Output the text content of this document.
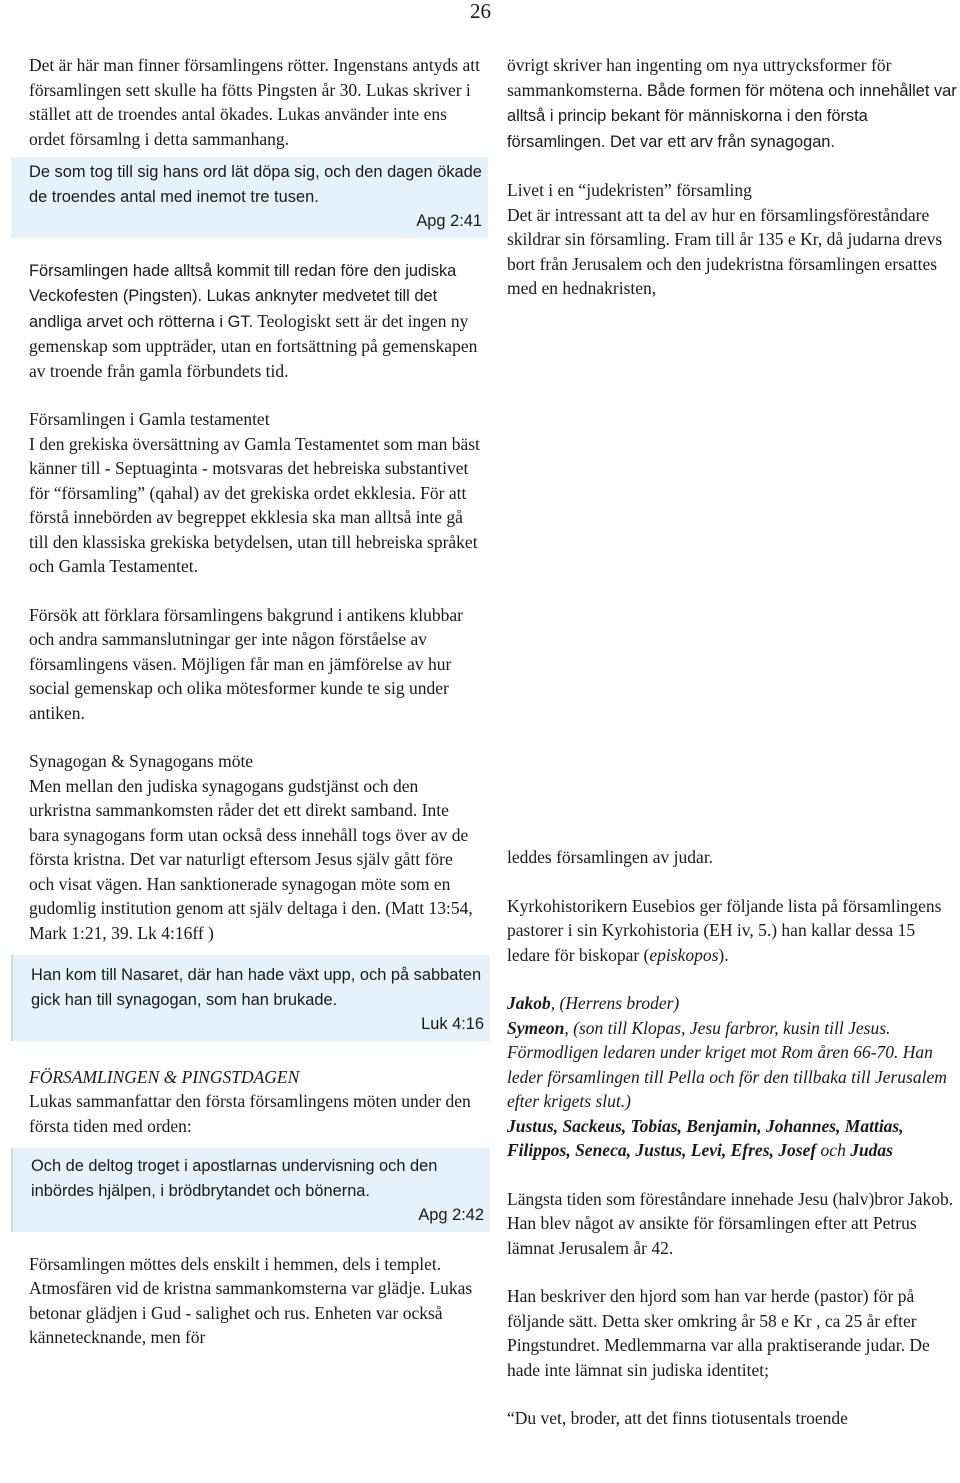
26

Det är här man finner församlingens rötter. Ingenstans antyds att församlingen sett skulle ha fötts Pingsten år 30. Lukas skriver i stället att de troendes antal ökades. Lukas använder inte ens ordet församlng i detta sammanhang.

De som tog till sig hans ord lät döpa sig, och den dagen ökade de troendes antal med inemot tre tusen.

Apg 2:41

Församlingen hade alltså kommit till redan före den judiska Veckofesten (Pingsten). Lukas anknyter medvetet till det andliga arvet och rötterna i GT. Teologiskt sett är det ingen ny gemenskap som uppträder, utan en fortsättning på gemenskapen av troende från gamla förbundets tid.

Församlingen i Gamla testamentet

I den grekiska översättning av Gamla Testamentet som man bäst känner till - Septuaginta - motsvaras det hebreiska substantivet för “församling” (qahal) av det grekiska ordet ekklesia. För att förstå innebörden av begreppet ekklesia ska man alltså inte gå till den klassiska grekiska betydelsen, utan till hebreiska språket och Gamla Testamentet.

Försök att förklara församlingens bakgrund i antikens klubbar och andra sammanslutningar ger inte någon förståelse av församlingens väsen. Möjligen får man en jämförelse av hur social gemenskap och olika mötesformer kunde te sig under antiken.

Synagogan & Synagogans möte

Men mellan den judiska synagogans gudstjänst och den urkristna sammankomsten råder det ett direkt samband. Inte bara synagogans form utan också dess innehåll togs över av de första kristna. Det var naturligt eftersom Jesus själv gått före och visat vägen. Han sanktionerade synagogan möte som en gudomlig institution genom att själv deltaga i den. (Matt 13:54, Mark 1:21, 39. Lk 4:16ff )

Han kom till Nasaret, där han hade växt upp, och på sabbaten gick han till synagogan, som han brukade.

Luk 4:16

FÖRSAMLINGEN & PINGSTDAGEN

Lukas sammanfattar den första församlingens möten under den första tiden med orden:

Och de deltog troget i apostlarnas undervisning och den inbördes hjälpen, i brödbrytandet och bönerna.

Apg 2:42

Församlingen möttes dels enskilt i hemmen, dels i templet. Atmosfären vid de kristna sammankomsterna var glädje. Lukas betonar glädjen i Gud - salighet och rus. Enheten var också kännetecknande, men för

övrigt skriver han ingenting om nya uttrycksformer för sammankomsterna. Både formen för mötena och innehållet var alltså i princip bekant för människorna i den första församlingen. Det var ett arv från synagogan.

Livet i en “judekristen” församling

Det är intressant att ta del av hur en församlingsföreståndare skildrar sin församling. Fram till år 135 e Kr, då judarna drevs bort från Jerusalem och den judekristna församlingen ersattes med en hednakristen,

leddes församlingen av judar.

Kyrkohistorikern Eusebios ger följande lista på församlingens pastorer i sin Kyrkohistoria (EH iv, 5.) han kallar dessa 15 ledare för biskopar (episkopos).

Jakob, (Herrens broder)

Symeon, (son till Klopas, Jesu farbror, kusin till Jesus. Förmodligen ledaren under kriget mot Rom åren 66-70. Han leder församlingen till Pella och för den tillbaka till Jerusalem efter krigets slut.)

Justus, Sackeus, Tobias, Benjamin, Johannes, Mattias, Filippos, Seneca, Justus, Levi, Efres, Josef och Judas

Längsta tiden som föreståndare innehade Jesu (halv)bror Jakob. Han blev något av ansikte för församlingen efter att Petrus lämnat Jerusalem år 42.

Han beskriver den hjord som han var herde (pastor) för på följande sätt. Detta sker omkring år 58 e Kr , ca 25 år efter Pingstundret. Medlemmarna var alla praktiserande judar. De hade inte lämnat sin judiska identitet;

“Du vet, broder, att det finns tiotusentals troende
